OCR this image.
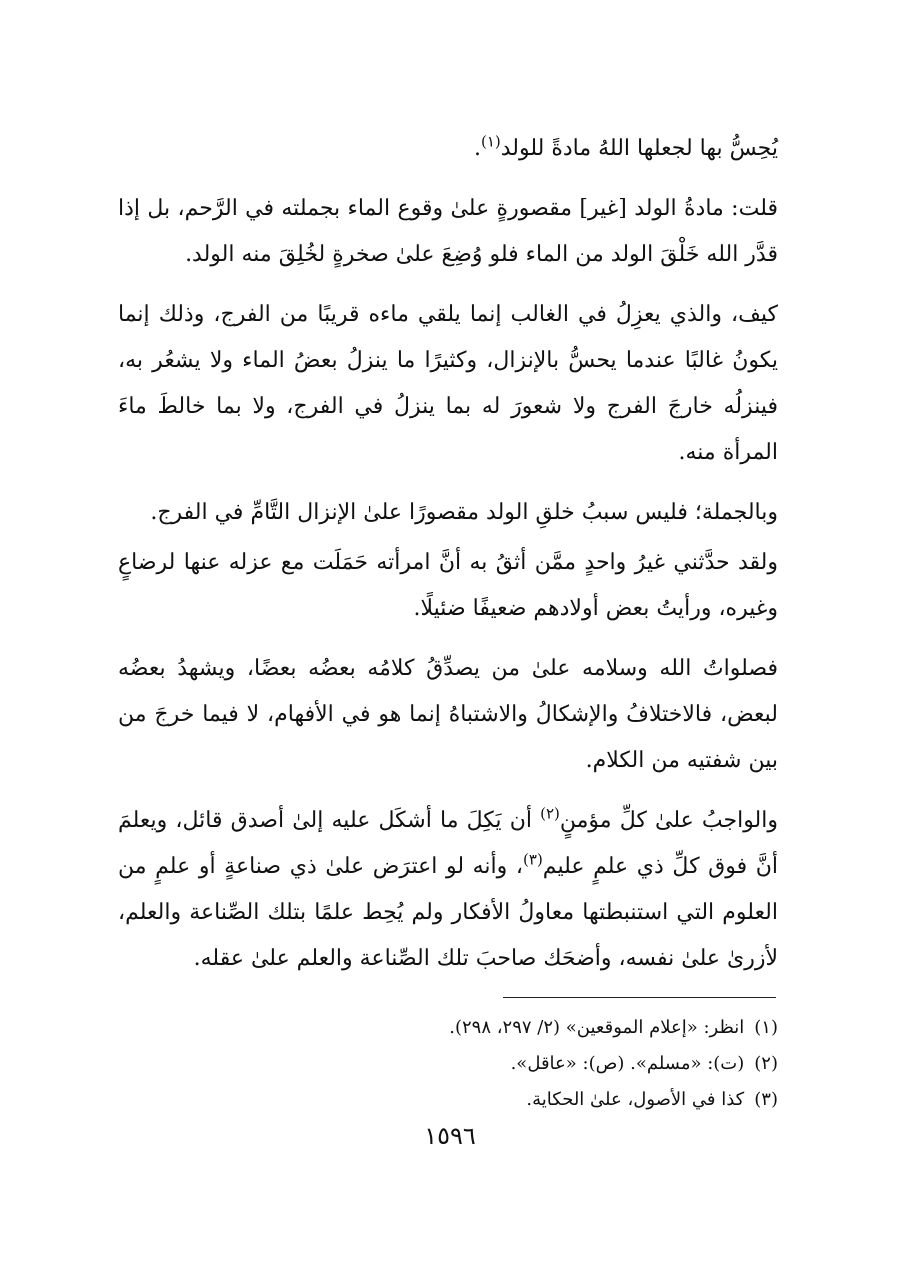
يُحِسُّ بها لجعلها اللهُ مادةً للولد$^{(١)}$.

قلت: مادةُ الولد [غير] مقصورةٍ علىٰ وقوع الماء بجملته في الرَّحم، بل إذا قدَّر الله خَلْقَ الولد من الماء فلو وُضِعَ علىٰ صخرةٍ لخُلِقَ منه الولد.

كيف، والذي يعزِلُ في الغالب إنما يلقي ماءه قريبًا من الفرج، وذلك إنما يكونُ غالبًا عندما يحسُّ بالإنزال، وكثيرًا ما ينزلُ بعضُ الماء ولا يشعُر به، فينزلُه خارجَ الفرج ولا شعورَ له بما ينزلُ في الفرج، ولا بما خالطَ ماءَ المرأة منه.

وبالجملة؛ فليس سببُ خلقِ الولد مقصورًا علىٰ الإنزال التَّامِّ في الفرج.

ولقد حدَّثني غيرُ واحدٍ ممَّن أثقُ به أنَّ امرأته حَمَلَت مع عزله عنها لرضاعٍ وغيره، ورأيتُ بعض أولادهم ضعيفًا ضئيلًا.

فصلواتُ الله وسلامه علىٰ من يصدِّقُ كلامُه بعضُه بعضًا، ويشهدُ بعضُه لبعض، فالاختلافُ والإشكالُ والاشتباهُ إنما هو في الأفهام، لا فيما خرجَ من بين شفتيه من الكلام.

والواجبُ علىٰ كلِّ مؤمنٍ$^{(٢)}$ أن يَكِلَ ما أشكَل عليه إلىٰ أصدق قائل، ويعلمَ أنَّ فوق كلِّ ذي علمٍ عليم$^{(٣)}$، وأنه لو اعترَض علىٰ ذي صناعةٍ أو علمٍ من العلوم التي استنبطتها معاولُ الأفكار ولم يُحِط علمًا بتلك الصِّناعة والعلم، لأزرىٰ علىٰ نفسه، وأضحَك صاحبَ تلك الصِّناعة والعلم علىٰ عقله.

(١)انظر: «إعلام الموقعين» (٢/ ٢٩٧، ٢٩٨).

(٢)(ت): «مسلم». (ص): «عاقل».

(٣)كذا في الأصول، علىٰ الحكاية.

١٥٩٦
